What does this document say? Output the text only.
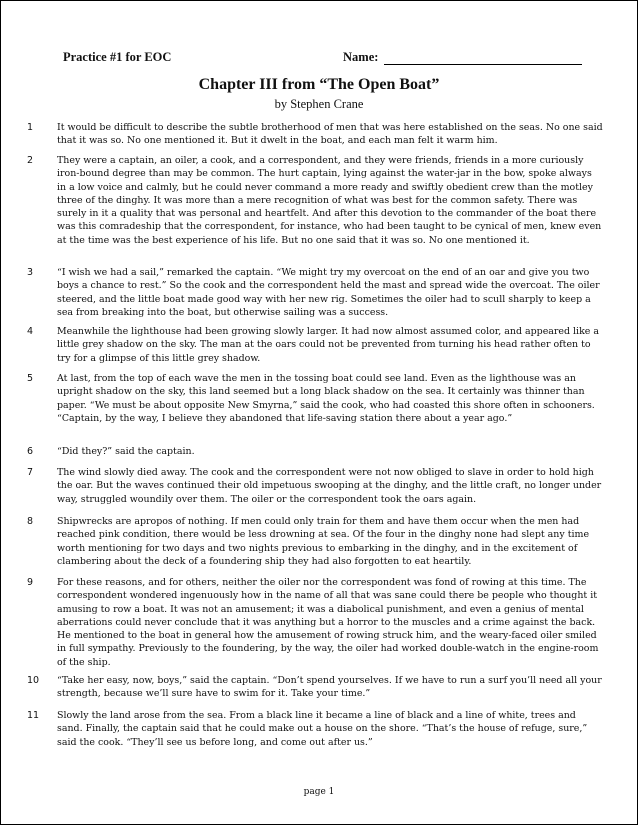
Practice #1 for EOC	Name:
Chapter III from “The Open Boat”
by Stephen Crane
1	It would be difficult to describe the subtle brotherhood of men that was here established on the seas. No one said that it was so. No one mentioned it. But it dwelt in the boat, and each man felt it warm him.
2	They were a captain, an oiler, a cook, and a correspondent, and they were friends, friends in a more curiously iron-bound degree than may be common. The hurt captain, lying against the water-jar in the bow, spoke always in a low voice and calmly, but he could never command a more ready and swiftly obedient crew than the motley three of the dinghy. It was more than a mere recognition of what was best for the common safety. There was surely in it a quality that was personal and heartfelt. And after this devotion to the commander of the boat there was this comradeship that the correspondent, for instance, who had been taught to be cynical of men, knew even at the time was the best experience of his life. But no one said that it was so. No one mentioned it.
3	“I wish we had a sail,” remarked the captain. “We might try my overcoat on the end of an oar and give you two boys a chance to rest.” So the cook and the correspondent held the mast and spread wide the overcoat. The oiler steered, and the little boat made good way with her new rig. Sometimes the oiler had to scull sharply to keep a sea from breaking into the boat, but otherwise sailing was a success.
4	Meanwhile the lighthouse had been growing slowly larger. It had now almost assumed color, and appeared like a little grey shadow on the sky. The man at the oars could not be prevented from turning his head rather often to try for a glimpse of this little grey shadow.
5	At last, from the top of each wave the men in the tossing boat could see land. Even as the lighthouse was an upright shadow on the sky, this land seemed but a long black shadow on the sea. It certainly was thinner than paper. “We must be about opposite New Smyrna,” said the cook, who had coasted this shore often in schooners. “Captain, by the way, I believe they abandoned that life-saving station there about a year ago.”
6	“Did they?” said the captain.
7	The wind slowly died away. The cook and the correspondent were not now obliged to slave in order to hold high the oar. But the waves continued their old impetuous swooping at the dinghy, and the little craft, no longer under way, struggled woundily over them. The oiler or the correspondent took the oars again.
8	Shipwrecks are apropos of nothing. If men could only train for them and have them occur when the men had reached pink condition, there would be less drowning at sea. Of the four in the dinghy none had slept any time worth mentioning for two days and two nights previous to embarking in the dinghy, and in the excitement of clambering about the deck of a foundering ship they had also forgotten to eat heartily.
9	For these reasons, and for others, neither the oiler nor the correspondent was fond of rowing at this time. The correspondent wondered ingenuously how in the name of all that was sane could there be people who thought it amusing to row a boat. It was not an amusement; it was a diabolical punishment, and even a genius of mental aberrations could never conclude that it was anything but a horror to the muscles and a crime against the back. He mentioned to the boat in general how the amusement of rowing struck him, and the weary-faced oiler smiled in full sympathy. Previously to the foundering, by the way, the oiler had worked double-watch in the engine-room of the ship.
10	“Take her easy, now, boys,” said the captain. “Don’t spend yourselves. If we have to run a surf you’ll need all your strength, because we’ll sure have to swim for it. Take your time.”
11	Slowly the land arose from the sea. From a black line it became a line of black and a line of white, trees and sand. Finally, the captain said that he could make out a house on the shore. “That’s the house of refuge, sure,” said the cook. “They’ll see us before long, and come out after us.”
page 1
